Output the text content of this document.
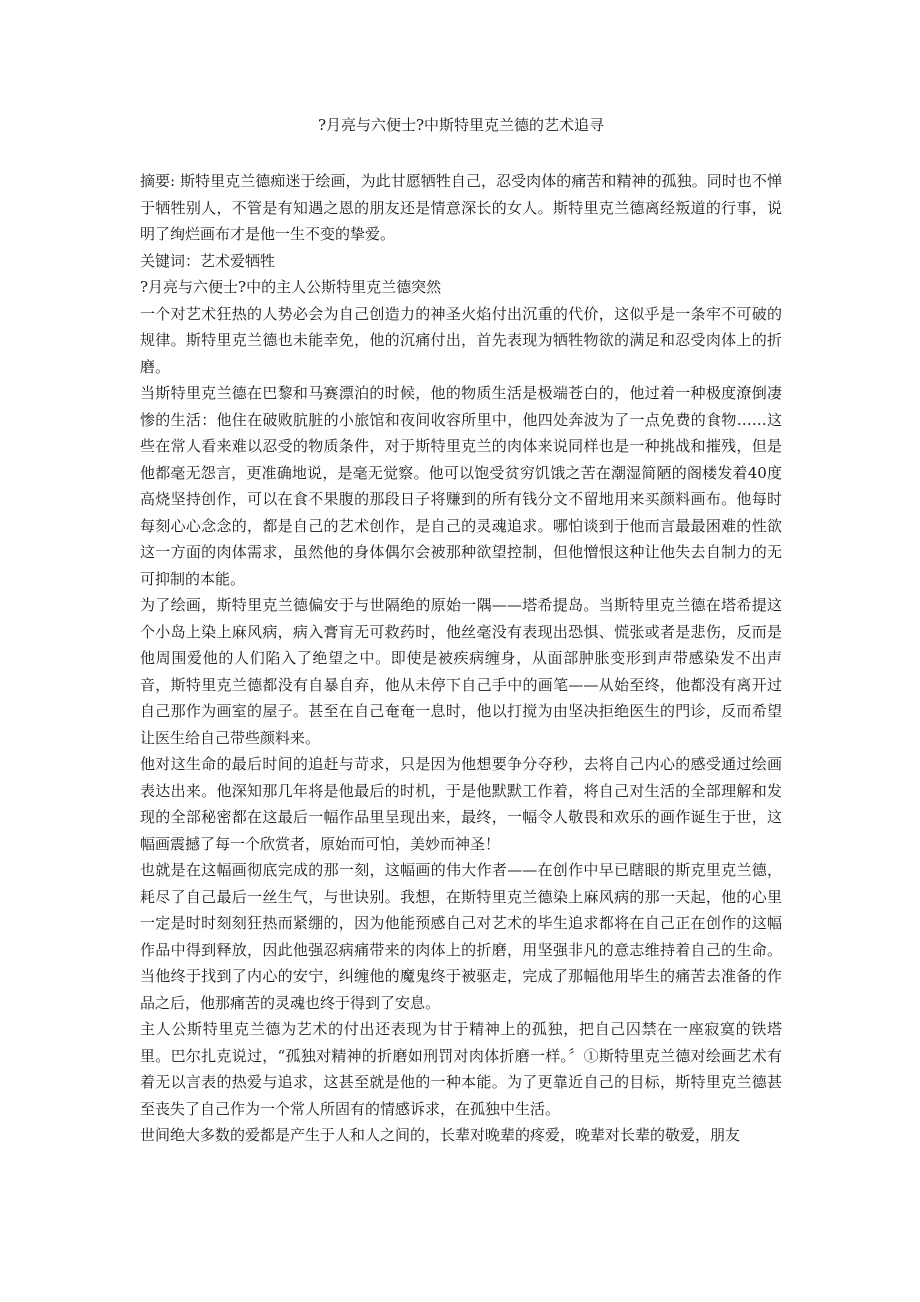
?月亮与六便士?中斯特里克兰德的艺术追寻

摘要: 斯特里克兰德痴迷于绘画，为此甘愿牺牲自己，忍受肉体的痛苦和精神的孤独。同时也不惮于牺牲别人，不管是有知遇之恩的朋友还是情意深长的女人。斯特里克兰德离经叛道的行事，说明了绚烂画布才是他一生不变的挚爱。

关键词：艺术爱牺牲

?月亮与六便士?中的主人公斯特里克兰德突然

一个对艺术狂热的人势必会为自己创造力的神圣火焰付出沉重的代价，这似乎是一条牢不可破的规律。斯特里克兰德也未能幸免，他的沉痛付出，首先表现为牺牲物欲的满足和忍受肉体上的折磨。

当斯特里克兰德在巴黎和马赛漂泊的时候，他的物质生活是极端苍白的，他过着一种极度潦倒凄惨的生活：他住在破败肮脏的小旅馆和夜间收容所里中，他四处奔波为了一点免费的食物……这些在常人看来难以忍受的物质条件，对于斯特里克兰的肉体来说同样也是一种挑战和摧残，但是他都毫无怨言，更准确地说，是毫无觉察。他可以饱受贫穷饥饿之苦在潮湿简陋的阁楼发着40度高烧坚持创作，可以在食不果腹的那段日子将赚到的所有钱分文不留地用来买颜料画布。他每时每刻心心念念的，都是自己的艺术创作，是自己的灵魂追求。哪怕谈到于他而言最最困难的性欲这一方面的肉体需求，虽然他的身体偶尔会被那种欲望控制，但他憎恨这种让他失去自制力的无可抑制的本能。

为了绘画，斯特里克兰德偏安于与世隔绝的原始一隅——塔希提岛。当斯特里克兰德在塔希提这个小岛上染上麻风病，病入膏肓无可救药时，他丝毫没有表现出恐惧、慌张或者是悲伤，反而是他周围爱他的人们陷入了绝望之中。即使是被疾病缠身，从面部肿胀变形到声带感染发不出声音，斯特里克兰德都没有自暴自弃，他从未停下自己手中的画笔——从始至终，他都没有离开过自己那作为画室的屋子。甚至在自己奄奄一息时，他以打搅为由坚决拒绝医生的門诊，反而希望让医生给自己带些颜料来。

他对这生命的最后时间的追赶与苛求，只是因为他想要争分夺秒，去将自己内心的感受通过绘画表达出来。他深知那几年将是他最后的时机，于是他默默工作着，将自己对生活的全部理解和发现的全部秘密都在这最后一幅作品里呈现出来，最终，一幅令人敬畏和欢乐的画作诞生于世，这幅画震撼了每一个欣赏者，原始而可怕，美妙而神圣！

也就是在这幅画彻底完成的那一刻，这幅画的伟大作者——在创作中早已瞎眼的斯克里克兰德，耗尽了自己最后一丝生气，与世诀别。我想，在斯特里克兰德染上麻风病的那一天起，他的心里一定是时时刻刻狂热而紧绷的，因为他能预感自己对艺术的毕生追求都将在自己正在创作的这幅作品中得到释放，因此他强忍病痛带来的肉体上的折磨，用坚强非凡的意志维持着自己的生命。当他终于找到了内心的安宁，纠缠他的魔鬼终于被驱走，完成了那幅他用毕生的痛苦去准备的作品之后，他那痛苦的灵魂也终于得到了安息。

主人公斯特里克兰德为艺术的付出还表现为甘于精神上的孤独，把自己囚禁在一座寂寞的铁塔里。巴尔扎克说过，“孤独对精神的折磨如刑罚对肉体折磨一样。〞①斯特里克兰德对绘画艺术有着无以言表的热爱与追求，这甚至就是他的一种本能。为了更靠近自己的目标，斯特里克兰德甚至丧失了自己作为一个常人所固有的情感诉求，在孤独中生活。

世间绝大多数的爱都是产生于人和人之间的，长辈对晚辈的疼爱，晚辈对长辈的敬爱，朋友
